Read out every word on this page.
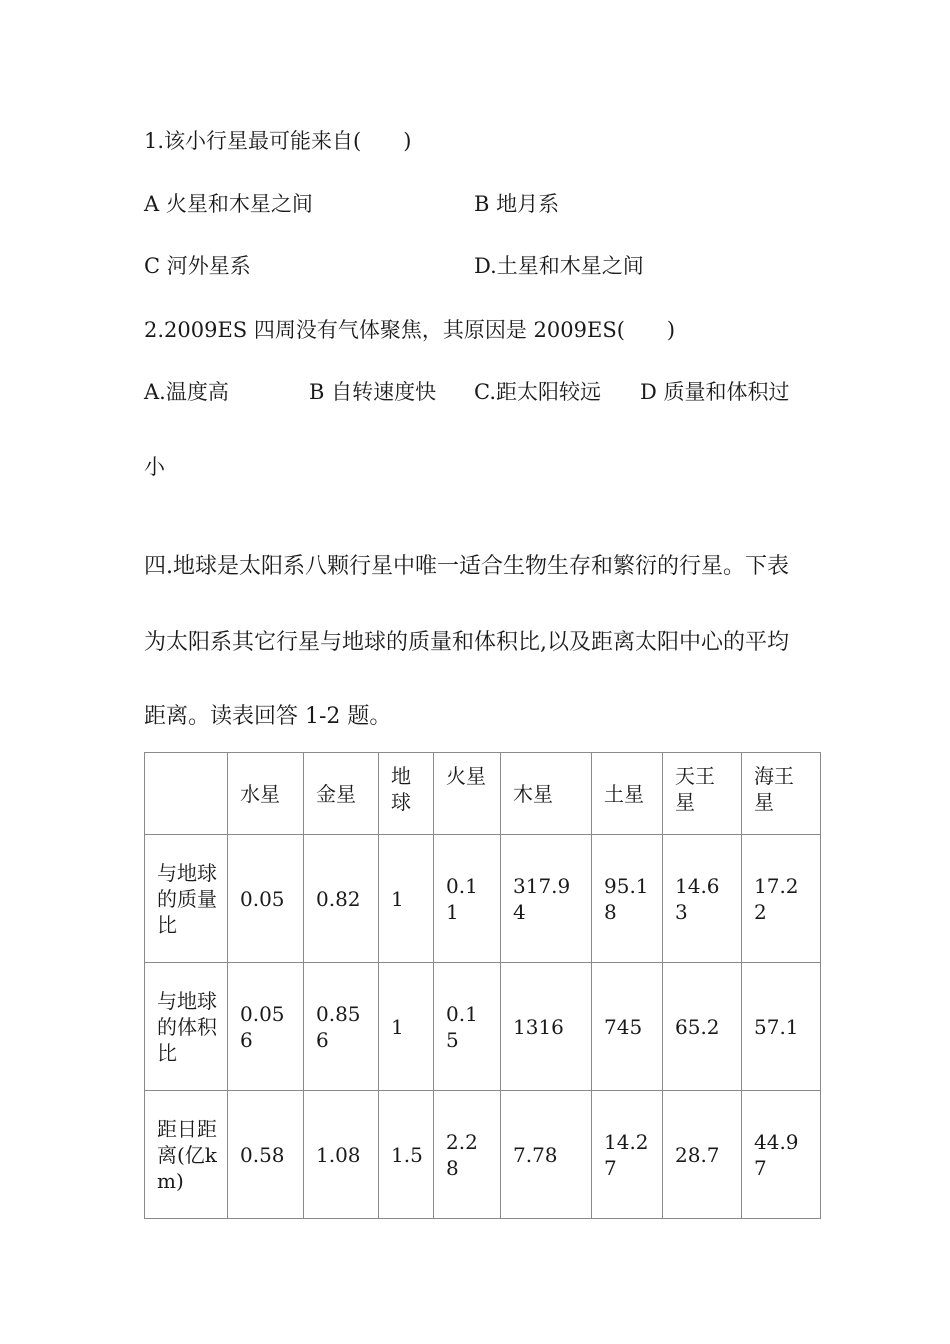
1.该小行星最可能来自(　　)
A 火星和木星之间	B 地月系
C 河外星系	D.土星和木星之间
2.2009ES 四周没有气体聚焦，其原因是 2009ES(　　)
A.温度高	B 自转速度快 C.距太阳较远 D 质量和体积过
小
四.地球是太阳系八颗行星中唯一适合生物生存和繁衍的行星。下表
为太阳系其它行星与地球的质量和体积比,以及距离太阳中心的平均
距离。读表回答 1-2 题。
	水星	金星	地球	火星	木星	土星	天王星	海王星
与地球的质量比	0.05	0.82	1	0.11	317.94	95.18	14.63	17.22
与地球的体积比	0.056	0.856	1	0.15	1316	745	65.2	57.1
距日距离(亿km)	0.58	1.08	1.5	2.28	7.78	14.27	28.7	44.97
